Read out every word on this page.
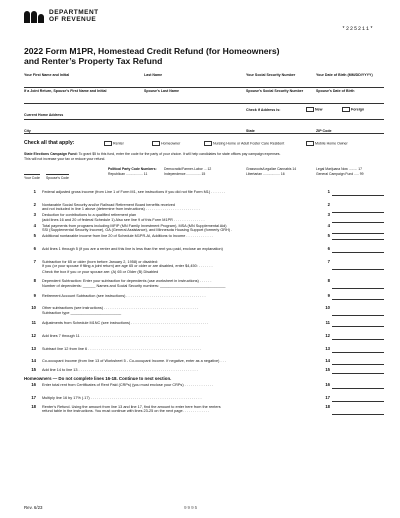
DEPARTMENT
OF REVENUE
*225211*
2022 Form M1PR, Homestead Credit Refund (for Homeowners)
and Renter’s Property Tax Refund
Your First Name and Initial	Last Name	Your Social Security Number	Your Date of Birth (MM/DD/YYYY)
If a Joint Return, Spouse’s First Name and Initial	Spouse’s Last Name	Spouse’s Social Security Number	Spouse’s Date of Birth
Current Home Address
Check if Address is:	New	Foreign
City	State	ZIP Code
Check all that apply:	Renter	Homeowner	Nursing Home or Adult Foster Care Resident	Mobile Home Owner
State Elections Campaign Fund: To grant $5 to this fund, enter the code for the party of your choice. It will help candidates for state offices pay campaign expenses.
This will not increase your tax or reduce your refund.
Your Code Spouse’s Code
Political Party Code Numbers: Democratic/Farmer-Labor ... 12	Grassroots/Legalize Cannabis 14	Legal Marijuana Now ......... 17
Republican .................. 11	Independence ............... 15	Libertarian .................. 16	General Campaign Fund ..... 99
1 Federal adjusted gross income (from Line 1 of Form M1, see instructions if you did not file Form M1) . . . . . . .	1
2 Nontaxable Social Security and/or Railroad Retirement Board benefits received
and not included in line 1 above (determine from instructions) . . . . . . . . . . . . . . . . . . . . . . . . . .
2
3 Deduction for contributions to a qualified retirement plan
(add lines 16 and 20 of federal Schedule 1) Also see line 9 of this Form M1PR . . . . . . . . . . . . . . .
3
4 Total payments from programs including MFIP (MN Family Investment Program), MSA (MN Supplemental Aid)
SSI (Supplemental Security Income), GA (General Assistance), and Minnesota Housing Support (formerly GRH) .
4
5 Additional nontaxable income from line 20 of Schedule M1PR-AI, Additions to Income . . . . . . . . . . . . .	5
6 Add lines 1 through 5 (if you are a renter and this line is less than the rent you paid, enclose an explanation)	6
7 Subtraction for 65 or older (born before January 2, 1958) or disabled:
If you (or your spouse if filing a joint return) are age 65 or older or are disabled, enter $4,450: . . . . . . .
7
Check the box if you or your spouse are: (A) 65 or Older (B) Disabled
8 Dependent Subtraction: Enter your subtraction for dependents (use worksheet in instructions) . . . . . .
Number of dependents: ______ Names and Social Security numbers: _______________________________
8
9 Retirement Account Subtraction (see instructions) . . . . . . . . . . . . . . . . . . . . . . . . . . . . . . . . . . . . . .	9
10 Other subtractions (see instructions) . . . . . . . . . . . . . . . . . . . . . . . . . . . . . . . . . . . . . . . . . . . . .
Subtraction type ________________________
10
11 Adjustments from Schedule M1NC (see instructions) . . . . . . . . . . . . . . . . . . . . . . . . . . . . . . . . . . . . .	11
12 Add lines 7 through 11 . . . . . . . . . . . . . . . . . . . . . . . . . . . . . . . . . . . . . . . . . . . . . . . . . . . . . . . . .	12
13 Subtract line 12 from line 6 . . . . . . . . . . . . . . . . . . . . . . . . . . . . . . . . . . . . . . . . . . . . . . . . . . . . . .	13
14 Co-occupant Income (from line 13 of Worksheet 5 - Co-occupant Income. If negative, enter as a negative) . . .	14
15 Add line 14 to line 13 . . . . . . . . . . . . . . . . . . . . . . . . . . . . . . . . . . . . . . . . . . . . . . . . . . . . . . . . .	15
Homeowners — Do not complete lines 16-18. Continue to next section.
16 Enter total rent from Certificates of Rent Paid (CRPs) (you must enclose your CRPs) . . . . . . . . . . . . . .	16
17 Multiply line 16 by 17% (.17) . . . . . . . . . . . . . . . . . . . . . . . . . . . . . . . . . . . . . . . . . . . . . . . . . . . . .	17
18 Renter’s Refund. Using the amount from line 13 and line 17, find the amount to enter here from the renters
refund table in the instructions. You must continue with lines 23-25 on the next page. . . . . . . . . . . . .
18
Rev. 6/23	9995
